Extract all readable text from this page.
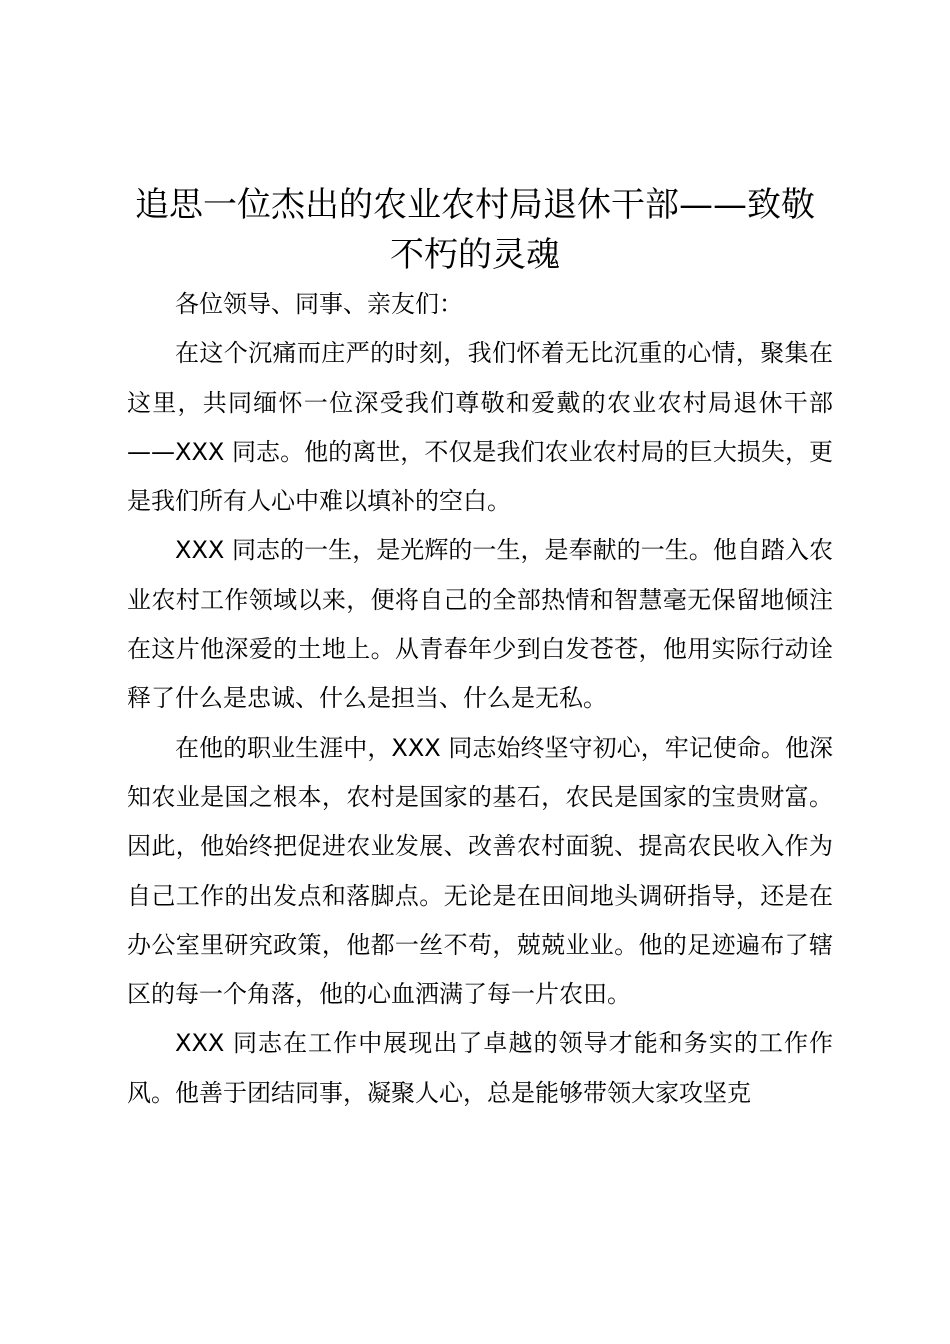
追思一位杰出的农业农村局退休干部——致敬不朽的灵魂

各位领导、同事、亲友们：

在这个沉痛而庄严的时刻，我们怀着无比沉重的心情，聚集在这里，共同缅怀一位深受我们尊敬和爱戴的农业农村局退休干部——XXX 同志。他的离世，不仅是我们农业农村局的巨大损失，更是我们所有人心中难以填补的空白。

XXX 同志的一生，是光辉的一生，是奉献的一生。他自踏入农业农村工作领域以来，便将自己的全部热情和智慧毫无保留地倾注在这片他深爱的土地上。从青春年少到白发苍苍，他用实际行动诠释了什么是忠诚、什么是担当、什么是无私。

在他的职业生涯中，XXX 同志始终坚守初心，牢记使命。他深知农业是国之根本，农村是国家的基石，农民是国家的宝贵财富。因此，他始终把促进农业发展、改善农村面貌、提高农民收入作为自己工作的出发点和落脚点。无论是在田间地头调研指导，还是在办公室里研究政策，他都一丝不苟，兢兢业业。他的足迹遍布了辖区的每一个角落，他的心血洒满了每一片农田。

XXX 同志在工作中展现出了卓越的领导才能和务实的工作作风。他善于团结同事，凝聚人心，总是能够带领大家攻坚克
